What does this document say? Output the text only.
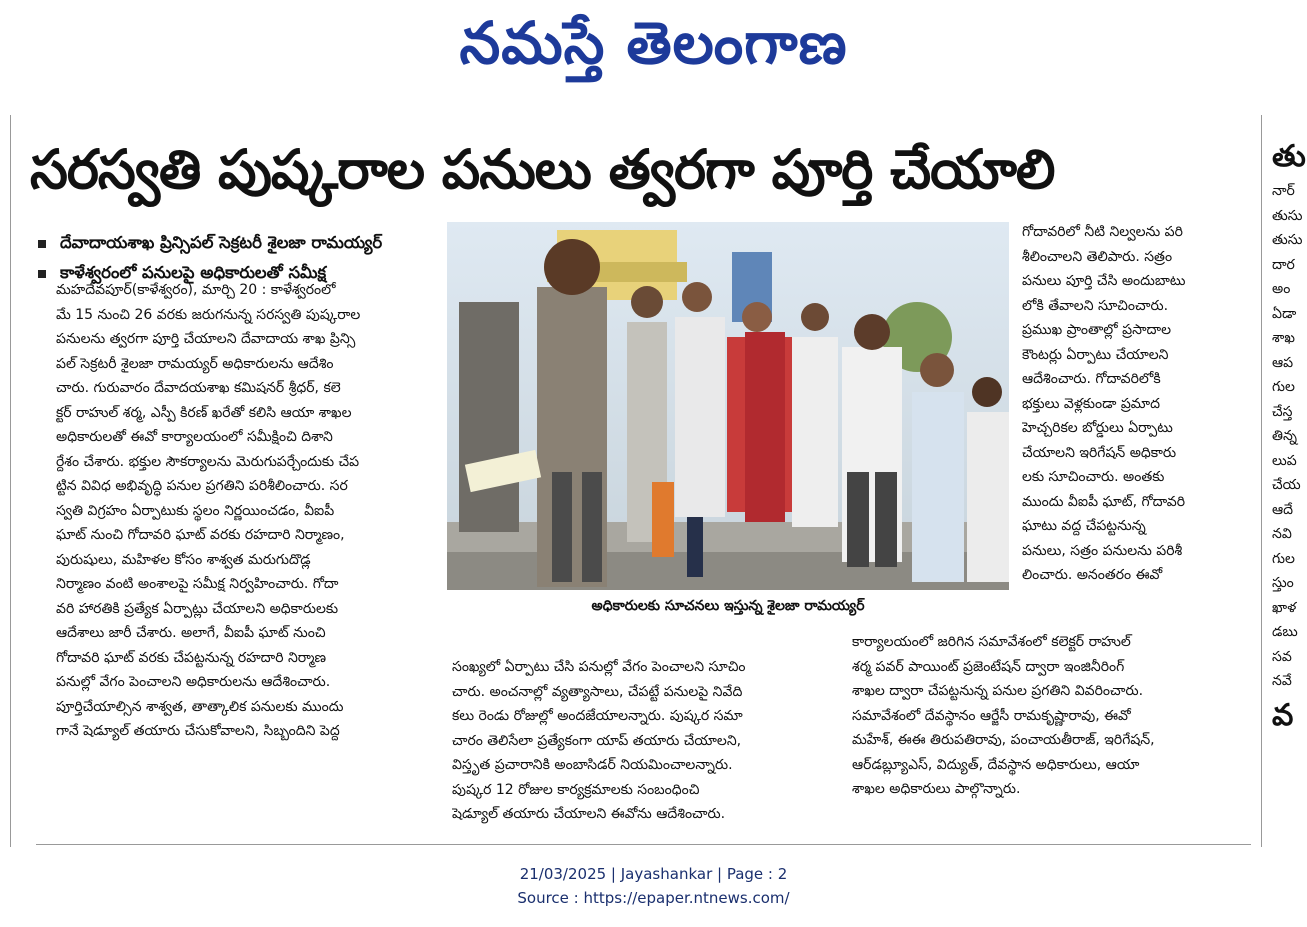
నమస్తే తెలంగాణ
సరస్వతి పుష్కరాల పనులు త్వరగా పూర్తి చేయాలి
దేవాదాయశాఖ ప్రిన్సిపల్ సెక్రటరీ శైలజా రామయ్యర్
కాళేశ్వరంలో పనులపై అధికారులతో సమీక్ష
మహదేవపూర్(కాళేశ్వరం), మార్చి 20 : కాళేశ్వరంలో
మే 15 నుంచి 26 వరకు జరుగనున్న సరస్వతి పుష్కరాల
పనులను త్వరగా పూర్తి చేయాలని దేవాదాయ శాఖ ప్రిన్సి
పల్ సెక్రటరీ శైలజా రామయ్యర్ అధికారులను ఆదేశిం
చారు. గురువారం దేవాదయశాఖ కమిషనర్ శ్రీధర్, కలె
క్టర్ రాహుల్ శర్మ, ఎస్పీ కిరణ్ ఖరేతో కలిసి ఆయా శాఖల
అధికారులతో ఈవో కార్యాలయంలో సమీక్షించి దిశాని
ర్దేశం చేశారు. భక్తుల సౌకర్యాలను మెరుగుపర్చేందుకు చేప
ట్టిన వివిధ అభివృద్ధి పనుల ప్రగతిని పరిశీలించారు. సర
స్వతి విగ్రహం ఏర్పాటుకు స్థలం నిర్ణయించడం, వీఐపీ
ఘాట్ నుంచి గోదావరి ఘాట్ వరకు రహదారి నిర్మాణం,
పురుషులు, మహిళల కోసం శాశ్వత మరుగుదొడ్ల
నిర్మాణం వంటి అంశాలపై సమీక్ష నిర్వహించారు. గోదా
వరి హారతికి ప్రత్యేక ఏర్పాట్లు చేయాలని అధికారులకు
ఆదేశాలు జారీ చేశారు. అలాగే, వీఐపీ ఘాట్ నుంచి
గోదావరి ఘాట్ వరకు చేపట్టనున్న రహదారి నిర్మాణ
పనుల్లో వేగం పెంచాలని అధికారులను ఆదేశించారు.
పూర్తిచేయాల్సిన శాశ్వత, తాత్కాలిక పనులకు ముందు
గానే షెడ్యూల్ తయారు చేసుకోవాలని, సిబ్బందిని పెద్ద
అధికారులకు సూచనలు ఇస్తున్న శైలజా రామయ్యర్
సంఖ్యలో ఏర్పాటు చేసి పనుల్లో వేగం పెంచాలని సూచిం
చారు. అంచనాల్లో వ్యత్యాసాలు, చేపట్టే పనులపై నివేది
కలు రెండు రోజుల్లో అందజేయాలన్నారు. పుష్కర సమా
చారం తెలిసేలా ప్రత్యేకంగా యాప్ తయారు చేయాలని,
విస్తృత ప్రచారానికి అంబాసిడర్ నియమించాలన్నారు.
పుష్కర 12 రోజుల కార్యక్రమాలకు సంబంధించి
షెడ్యూల్ తయారు చేయాలని ఈవోను ఆదేశించారు.
గోదావరిలో నీటి నిల్వలను పరి
శీలించాలని తెలిపారు. సత్రం
పనులు పూర్తి చేసి అందుబాటు
లోకి తేవాలని సూచించారు.
ప్రముఖ ప్రాంతాల్లో ప్రసాదాల
కౌంటర్లు ఏర్పాటు చేయాలని
ఆదేశించారు. గోదావరిలోకి
భక్తులు వెళ్లకుండా ప్రమాద
హెచ్చరికల బోర్డులు ఏర్పాటు
చేయాలని ఇరిగేషన్ అధికారు
లకు సూచించారు. అంతకు
ముందు వీఐపీ ఘాట్, గోదావరి
ఘాటు వద్ద చేపట్టనున్న
పనులు, సత్రం పనులను పరిశీ
లించారు. అనంతరం ఈవో
కార్యాలయంలో జరిగిన సమావేశంలో కలెక్టర్ రాహుల్
శర్మ పవర్ పాయింట్ ప్రజెంటేషన్ ద్వారా ఇంజినీరింగ్
శాఖల ద్వారా చేపట్టనున్న పనుల ప్రగతిని వివరించారు.
సమావేశంలో దేవస్థానం ఆర్జేసీ రామకృష్ణారావు, ఈవో
మహేశ్, ఈఈ తిరుపతిరావు, పంచాయతీరాజ్, ఇరిగేషన్,
ఆర్‌డబ్ల్యూఎస్, విద్యుత్, దేవస్థాన అధికారులు, ఆయా
శాఖల అధికారులు పాల్గొన్నారు.
తు
నార్
తుసు
తుసు
దార
అం
ఏడా
శాఖ
ఆప
గుల
చేస్త
తిన్న
లుప
చేయ
ఆదే
నవి
గుల
స్తుం
ఖాళ
డబు
సవ
నవే
వ
21/03/2025 | Jayashankar | Page : 2
Source : https://epaper.ntnews.com/
